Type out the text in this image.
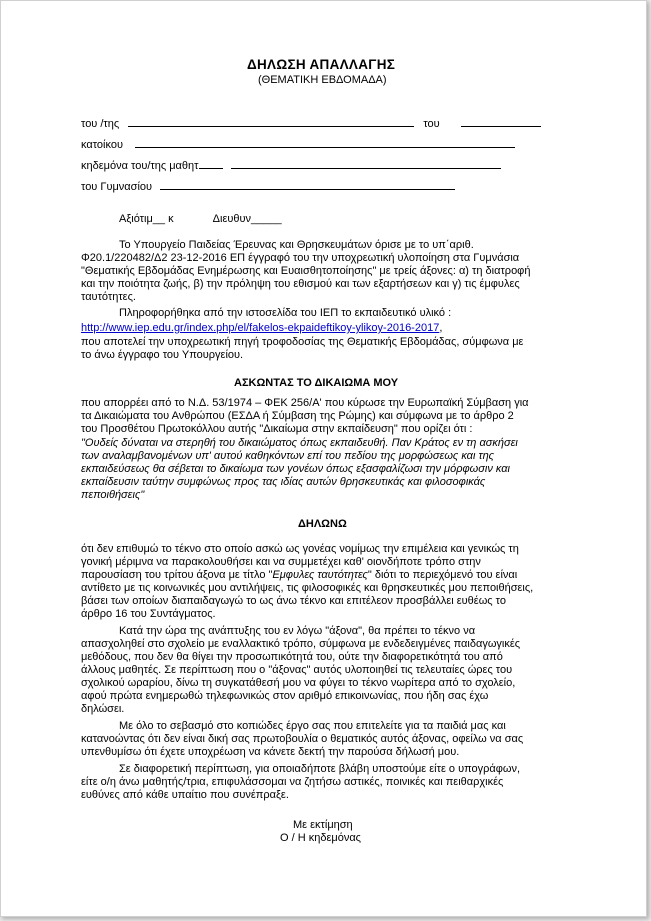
ΔΗΛΩΣΗ ΑΠΑΛΛΑΓΗΣ
(ΘΕΜΑΤΙΚΗ ΕΒΔΟΜΑΔΑ)
του /της	του
κατοίκου
κηδεμόνα του/της μαθητ
του Γυμνασίου
Αξιότιμ__ κ	Διευθυν_____
Το Υπουργείο Παιδείας Έρευνας και Θρησκευμάτων όρισε με το υπ΄αριθ.
Φ20.1/220482/Δ2 23-12-2016 ΕΠ έγγραφό του την υποχρεωτική υλοποίηση στα Γυμνάσια
"Θεματικής Εβδομάδας Ενημέρωσης και Ευαισθητοποίησης" με τρείς άξονες: α) τη διατροφή
και την ποιότητα ζωής, β) την πρόληψη του εθισμού και των εξαρτήσεων και γ) τις έμφυλες
ταυτότητες.
Πληροφορήθηκα από την ιστοσελίδα του ΙΕΠ το εκπαιδευτικό υλικό :
http://www.iep.edu.gr/index.php/el/fakelos-ekpaideftikoy-ylikoy-2016-2017,
που αποτελεί την υποχρεωτική πηγή τροφοδοσίας της Θεματικής Εβδομάδας, σύμφωνα με
το άνω έγγραφο του Υπουργείου.
ΑΣΚΩΝΤΑΣ ΤΟ ΔΙΚΑΙΩΜΑ ΜΟΥ
που απορρέει από το Ν.Δ. 53/1974 – ΦΕΚ 256/Α' που κύρωσε την Ευρωπαϊκή Σύμβαση για
τα Δικαιώματα του Ανθρώπου (ΕΣΔΑ ή Σύμβαση της Ρώμης) και σύμφωνα με το άρθρο 2
του Προσθέτου Πρωτοκόλλου αυτής "Δικαίωμα στην εκπαίδευση" που ορίζει ότι :
"Ουδείς δύναται να στερηθή του δικαιώματος όπως εκπαιδευθή. Παν Κράτος εν τη ασκήσει
των αναλαμβανομένων υπ' αυτού καθηκόντων επί του πεδίου της μορφώσεως και της
εκπαιδεύσεως θα σέβεται το δικαίωμα των γονέων όπως εξασφαλίζωσι την μόρφωσιν και
εκπαίδευσιν ταύτην συμφώνως προς τας ιδίας αυτών θρησκευτικάς και φιλοσοφικάς
πεποιθήσεις"
ΔΗΛΩΝΩ
ότι δεν επιθυμώ το τέκνο στο οποίο ασκώ ως γονέας νομίμως την επιμέλεια και γενικώς τη
γονική μέριμνα να παρακολουθήσει και να συμμετέχει καθ' οιονδήποτε τρόπο στην
παρουσίαση του τρίτου άξονα με τίτλο "Εμφυλες ταυτότητες" διότι το περιεχόμενό του είναι
αντίθετο με τις κοινωνικές μου αντιλήψεις, τις φιλοσοφικές και θρησκευτικές μου πεποιθήσεις,
βάσει των οποίων διαπαιδαγωγώ το ως άνω τέκνο και επιτέλεον προσβάλλει ευθέως το
άρθρο 16 του Συντάγματος.
Κατά την ώρα της ανάπτυξης του εν λόγω "άξονα", θα πρέπει το τέκνο να
απασχοληθεί στο σχολείο με εναλλακτικό τρόπο, σύμφωνα με ενδεδειγμένες παιδαγωγικές
μεθόδους, που δεν θα θίγει την προσωπικότητά του, ούτε την διαφορετικότητά του από
άλλους μαθητές. Σε περίπτωση που ο "άξονας" αυτός υλοποιηθεί τις τελευταίες ώρες του
σχολικού ωραρίου, δίνω τη συγκατάθεσή μου να φύγει το τέκνο νωρίτερα από το σχολείο,
αφού πρώτα ενημερωθώ τηλεφωνικώς στον αριθμό επικοινωνίας, που ήδη σας έχω
δηλώσει.
Με όλο το σεβασμό στο κοπιώδες έργο σας που επιτελείτε για τα παιδιά μας και
κατανοώντας ότι δεν είναι δική σας πρωτοβουλία ο θεματικός αυτός άξονας, οφείλω να σας
υπενθυμίσω ότι έχετε υποχρέωση να κάνετε δεκτή την παρούσα δήλωσή μου.
Σε διαφορετική περίπτωση, για οποιαδήποτε βλάβη υποστούμε είτε ο υπογράφων,
είτε ο/η άνω μαθητής/τρια, επιφυλάσσομαι να ζητήσω αστικές, ποινικές και πειθαρχικές
ευθύνες από κάθε υπαίτιο που συνέπραξε.
Με εκτίμηση
Ο / Η κηδεμόνας
